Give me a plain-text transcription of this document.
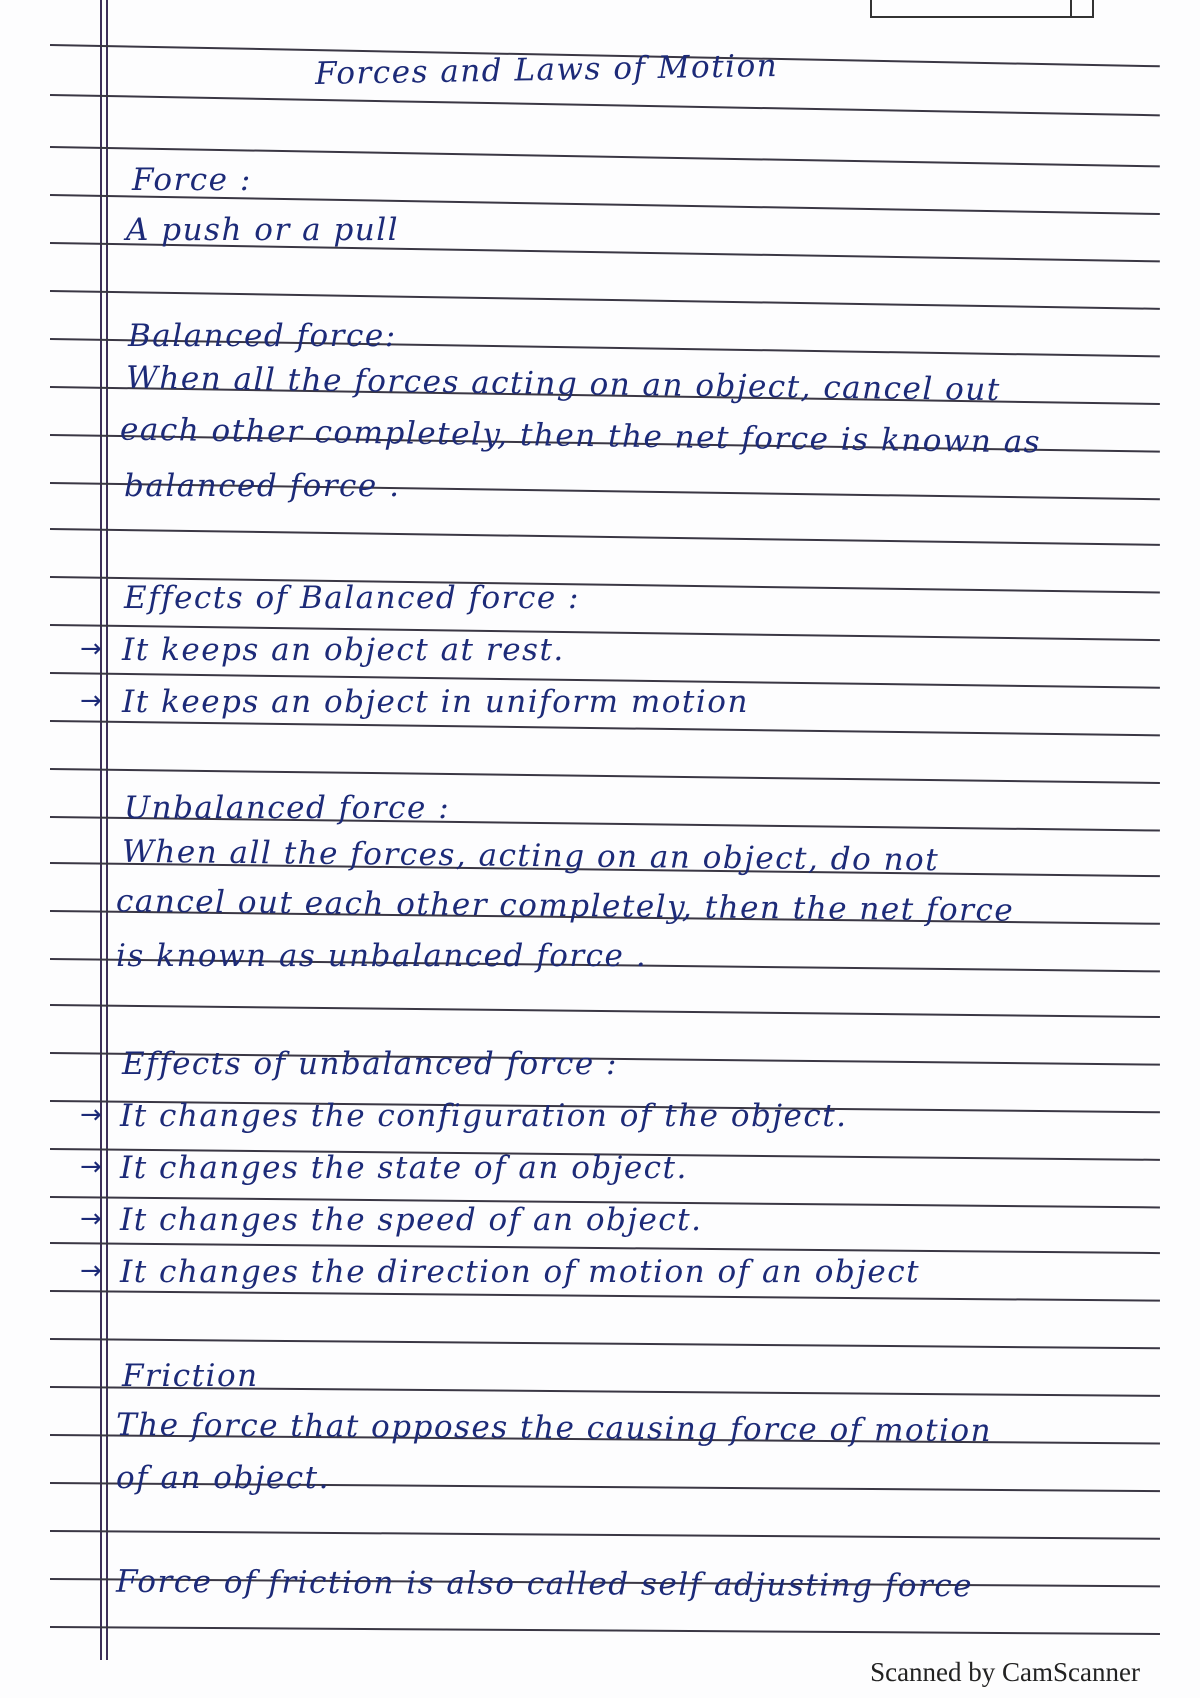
Forces and Laws of Motion
Force :
A push or a pull
Balanced force:
When all the forces acting on an object, cancel out
each other completely, then the net force is known as
balanced force .
Effects of Balanced force :
→ It keeps an object at rest.
→ It keeps an object in uniform motion
Unbalanced force :
When all the forces, acting on an object, do not
cancel out each other completely, then the net force
is known as unbalanced force .
Effects of unbalanced force :
→ It changes the configuration of the object.
→ It changes the state of an object.
→ It changes the speed of an object.
→ It changes the direction of motion of an object
Friction
The force that opposes the causing force of motion
of an object.
Force of friction is also called self adjusting force
Scanned by CamScanner
